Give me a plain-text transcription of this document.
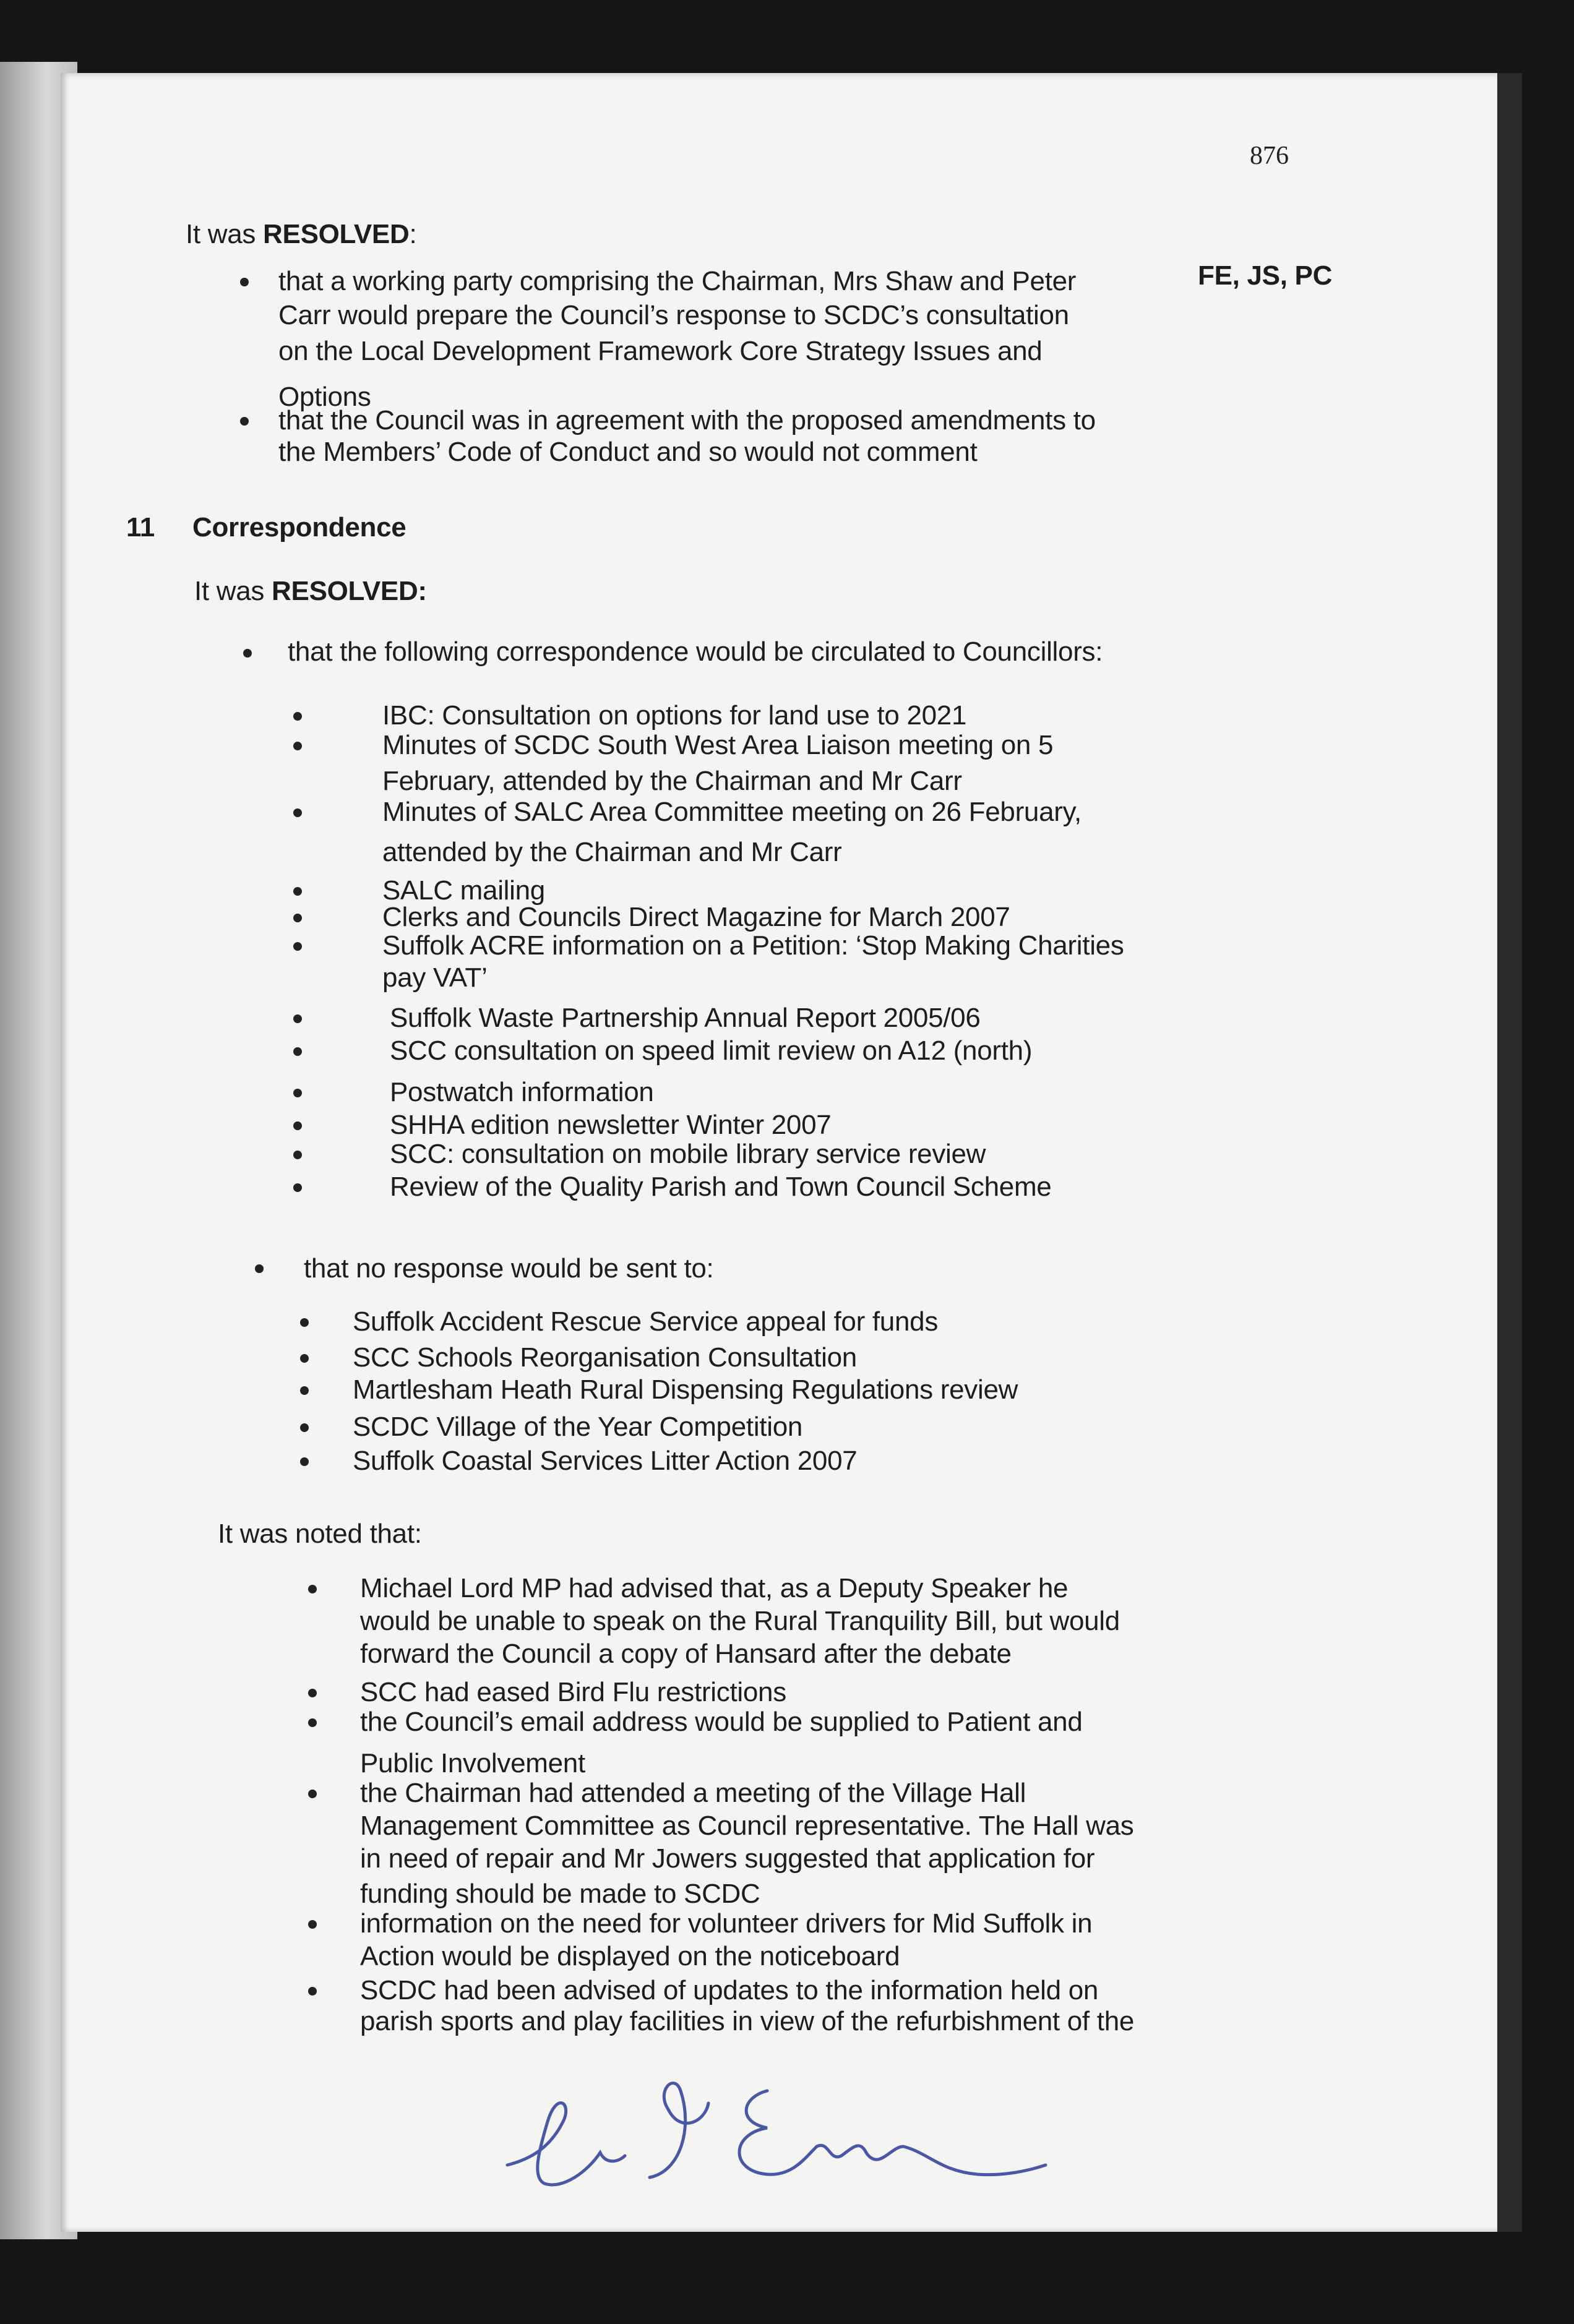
876
It was RESOLVED:
FE, JS, PC
11 Correspondence
It was RESOLVED:
that the following correspondence would be circulated to Councillors:
that no response would be sent to:
It was noted that:
that a working party comprising the Chairman, Mrs Shaw and Peter
Carr would prepare the Council’s response to SCDC’s consultation
on the Local Development Framework Core Strategy Issues and
Options
that the Council was in agreement with the proposed amendments to
the Members’ Code of Conduct and so would not comment
IBC: Consultation on options for land use to 2021
Minutes of SCDC South West Area Liaison meeting on 5
February, attended by the Chairman and Mr Carr
Minutes of SALC Area Committee meeting on 26 February,
attended by the Chairman and Mr Carr
SALC mailing
Clerks and Councils Direct Magazine for March 2007
Suffolk ACRE information on a Petition: ‘Stop Making Charities
pay VAT’
Suffolk Waste Partnership Annual Report 2005/06
SCC consultation on speed limit review on A12 (north)
Postwatch information
SHHA edition newsletter Winter 2007
SCC: consultation on mobile library service review
Review of the Quality Parish and Town Council Scheme
Suffolk Accident Rescue Service appeal for funds
SCC Schools Reorganisation Consultation
Martlesham Heath Rural Dispensing Regulations review
SCDC Village of the Year Competition
Suffolk Coastal Services Litter Action 2007
Michael Lord MP had advised that, as a Deputy Speaker he
would be unable to speak on the Rural Tranquility Bill, but would
forward the Council a copy of Hansard after the debate
SCC had eased Bird Flu restrictions
the Council’s email address would be supplied to Patient and
Public Involvement
the Chairman had attended a meeting of the Village Hall
Management Committee as Council representative. The Hall was
in need of repair and Mr Jowers suggested that application for
funding should be made to SCDC
information on the need for volunteer drivers for Mid Suffolk in
Action would be displayed on the noticeboard
SCDC had been advised of updates to the information held on
parish sports and play facilities in view of the refurbishment of the
